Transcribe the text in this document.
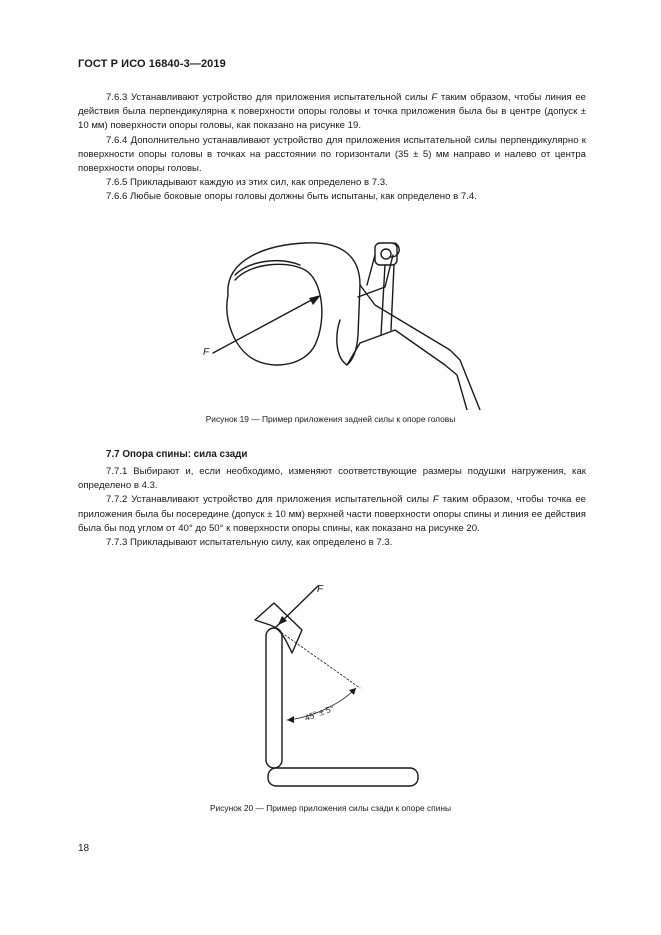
ГОСТ Р ИСО 16840-3—2019

7.6.3 Устанавливают устройство для приложения испытательной силы F таким образом, чтобы линия ее действия была перпендикулярна к поверхности опоры головы и точка приложения была бы в центре (допуск ± 10 мм) поверхности опоры головы, как показано на рисунке 19.

7.6.4 Дополнительно устанавливают устройство для приложения испытательной силы перпендикулярно к поверхности опоры головы в точках на расстоянии по горизонтали (35 ± 5) мм направо и налево от центра поверхности опоры головы.

7.6.5 Прикладывают каждую из этих сил, как определено в 7.3.

7.6.6 Любые боковые опоры головы должны быть испытаны, как определено в 7.4.

F
Рисунок 19 — Пример приложения задней силы к опоре головы
7.7 Опора спины: сила сзади

7.7.1 Выбирают и, если необходимо, изменяют соответствующие размеры подушки нагружения, как определено в 4.3.

7.7.2 Устанавливают устройство для приложения испытательной силы F таким образом, чтобы точка ее приложения была бы посередине (допуск ± 10 мм) верхней части поверхности опоры спины и линия ее действия была бы под углом от 40° до 50° к поверхности опоры спины, как показано на рисунке 20.

7.7.3 Прикладывают испытательную силу, как определено в 7.3.

F
45° ± 5°
Рисунок 20 — Пример приложения силы сзади к опоре спины
18
